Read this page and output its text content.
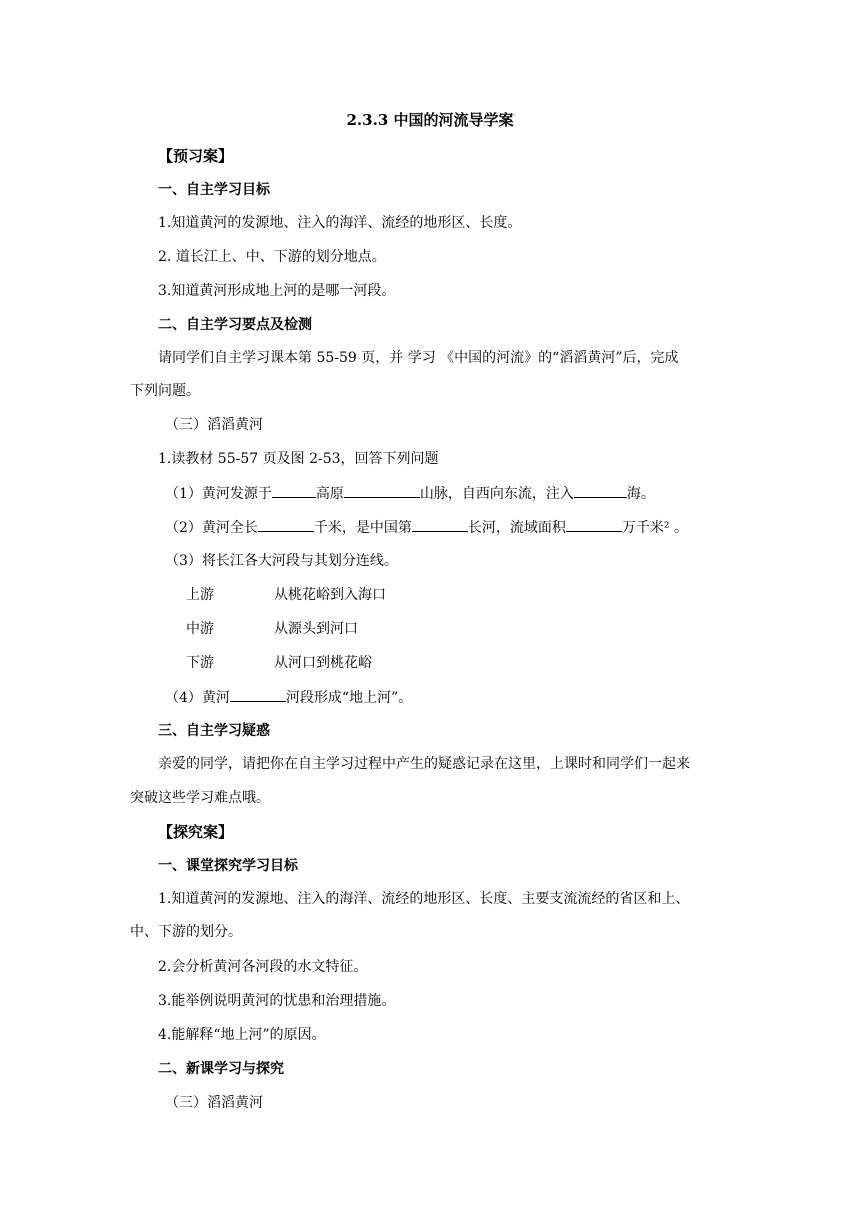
2.3.3 中国的河流导学案
【预习案】
一、自主学习目标
1.知道黄河的发源地、注入的海洋、流经的地形区、长度。
2. 道长江上、中、下游的划分地点。
3.知道黄河形成地上河的是哪一河段。
二、自主学习要点及检测
请同学们自主学习课本第 55-59 页，并 学习 《中国的河流》的“滔滔黄河”后，完成
下列问题。
（三）滔滔黄河
1.读教材 55-57 页及图 2-53，回答下列问题
（1）黄河发源于	高原	山脉，自西向东流，注入	海。
（2）黄河全长	千米，是中国第	长河，流域面积	万千米² 。
（3）将长江各大河段与其划分连线。
上游	从桃花峪到入海口
中游	从源头到河口
下游	从河口到桃花峪
（4）黄河	河段形成“地上河”。
三、自主学习疑惑
亲爱的同学，请把你在自主学习过程中产生的疑惑记录在这里，上课时和同学们一起来
突破这些学习难点哦。
【探究案】
一、课堂探究学习目标
1.知道黄河的发源地、注入的海洋、流经的地形区、长度、主要支流流经的省区和上、
中、下游的划分。
2.会分析黄河各河段的水文特征。
3.能举例说明黄河的忧患和治理措施。
4.能解释“地上河”的原因。
二、新课学习与探究
（三）滔滔黄河
